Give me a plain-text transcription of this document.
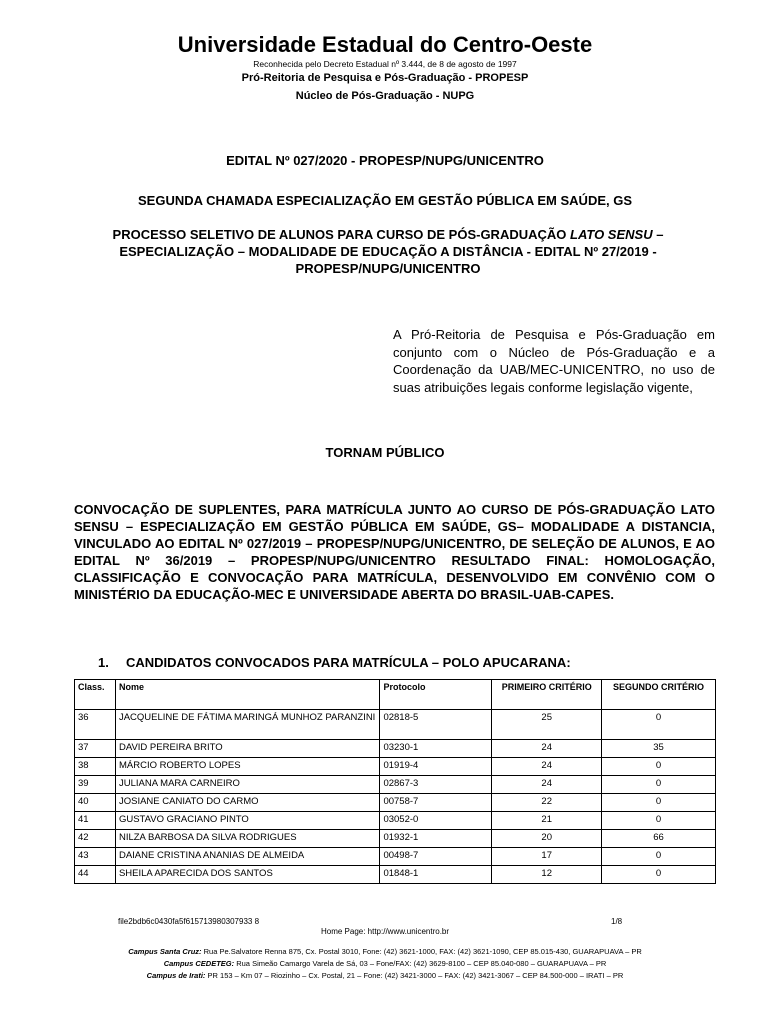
Universidade Estadual do Centro-Oeste
Reconhecida pelo Decreto Estadual nº 3.444, de 8 de agosto de 1997
Pró-Reitoria de Pesquisa e Pós-Graduação - PROPESP
Núcleo de Pós-Graduação - NUPG
EDITAL Nº 027/2020 - PROPESP/NUPG/UNICENTRO
SEGUNDA CHAMADA ESPECIALIZAÇÃO EM GESTÃO PÚBLICA EM SAÚDE, GS
PROCESSO SELETIVO DE ALUNOS PARA CURSO DE PÓS-GRADUAÇÃO LATO SENSU – ESPECIALIZAÇÃO – MODALIDADE DE EDUCAÇÃO A DISTÂNCIA - EDITAL Nº 27/2019 - PROPESP/NUPG/UNICENTRO
A Pró-Reitoria de Pesquisa e Pós-Graduação em conjunto com o Núcleo de Pós-Graduação e a Coordenação da UAB/MEC-UNICENTRO, no uso de suas atribuições legais conforme legislação vigente,
TORNAM PÚBLICO
CONVOCAÇÃO DE SUPLENTES, PARA MATRÍCULA JUNTO AO CURSO DE PÓS-GRADUAÇÃO LATO SENSU – ESPECIALIZAÇÃO EM GESTÃO PÚBLICA EM SAÚDE, GS– MODALIDADE A DISTANCIA, VINCULADO AO EDITAL Nº 027/2019 – PROPESP/NUPG/UNICENTRO, DE SELEÇÃO DE ALUNOS, E AO EDITAL Nº 36/2019 – PROPESP/NUPG/UNICENTRO RESULTADO FINAL: HOMOLOGAÇÃO, CLASSIFICAÇÃO E CONVOCAÇÃO PARA MATRÍCULA, DESENVOLVIDO EM CONVÊNIO COM O MINISTÉRIO DA EDUCAÇÃO-MEC E UNIVERSIDADE ABERTA DO BRASIL-UAB-CAPES.
1. CANDIDATOS CONVOCADOS PARA MATRÍCULA – POLO APUCARANA:
Class.	Nome	Protocolo	PRIMEIRO CRITÉRIO	SEGUNDO CRITÉRIO
36	JACQUELINE DE FÁTIMA MARINGÁ MUNHOZ PARANZINI	02818-5	25	0
37	DAVID PEREIRA BRITO	03230-1	24	35
38	MÁRCIO ROBERTO LOPES	01919-4	24	0
39	JULIANA MARA CARNEIRO	02867-3	24	0
40	JOSIANE CANIATO DO CARMO	00758-7	22	0
41	GUSTAVO GRACIANO PINTO	03052-0	21	0
42	NILZA BARBOSA DA SILVA RODRIGUES	01932-1	20	66
43	DAIANE CRISTINA ANANIAS DE ALMEIDA	00498-7	17	0
44	SHEILA APARECIDA DOS SANTOS	01848-1	12	0
file2bdb6c0430fa5f615713980307933 8	1/8
Home Page: http://www.unicentro.br
Campus Santa Cruz: Rua Pe.Salvatore Renna 875, Cx. Postal 3010, Fone: (42) 3621-1000, FAX: (42) 3621-1090, CEP 85.015-430, GUARAPUAVA – PR
Campus CEDETEG: Rua Simeão Camargo Varela de Sá, 03 – Fone/FAX: (42) 3629-8100 – CEP 85.040-080 – GUARAPUAVA – PR
Campus de Irati: PR 153 – Km 07 – Riozinho – Cx. Postal, 21 – Fone: (42) 3421-3000 – FAX: (42) 3421-3067 – CEP 84.500-000 – IRATI – PR
